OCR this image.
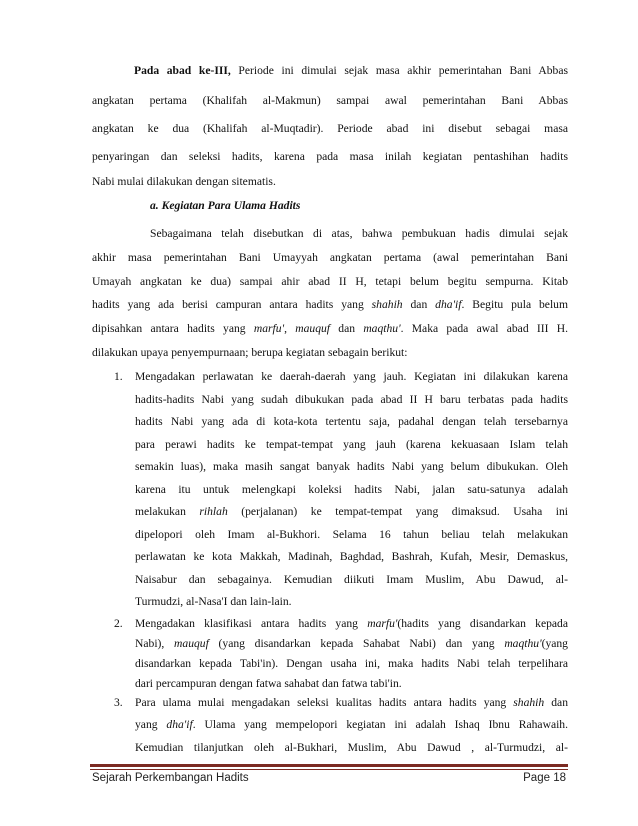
Pada abad ke-III, Periode ini dimulai sejak masa akhir pemerintahan Bani Abbas
angkatan pertama (Khalifah al-Makmun) sampai awal pemerintahan Bani Abbas
angkatan ke dua (Khalifah al-Muqtadir). Periode abad ini disebut sebagai masa
penyaringan dan seleksi hadits, karena pada masa inilah kegiatan pentashihan hadits
Nabi mulai dilakukan dengan sitematis.
a. Kegiatan Para Ulama Hadits
Sebagaimana telah disebutkan di atas, bahwa pembukuan hadis dimulai sejak
akhir masa pemerintahan Bani Umayyah angkatan pertama (awal pemerintahan Bani
Umayah angkatan ke dua) sampai ahir abad II H, tetapi belum begitu sempurna. Kitab
hadits yang ada berisi campuran antara hadits yang shahih dan dha'if. Begitu pula belum
dipisahkan antara hadits yang marfu', mauquf dan maqthu'. Maka pada awal abad III H.
dilakukan upaya penyempurnaan; berupa kegiatan sebagain berikut:
1. Mengadakan perlawatan ke daerah-daerah yang jauh. Kegiatan ini dilakukan karena
hadits-hadits Nabi yang sudah dibukukan pada abad II H baru terbatas pada hadits
hadits Nabi yang ada di kota-kota tertentu saja, padahal dengan telah tersebarnya
para perawi hadits ke tempat-tempat yang jauh (karena kekuasaan Islam telah
semakin luas), maka masih sangat banyak hadits Nabi yang belum dibukukan. Oleh
karena itu untuk melengkapi koleksi hadits Nabi, jalan satu-satunya adalah
melakukan rihlah (perjalanan) ke tempat-tempat yang dimaksud. Usaha ini
dipelopori oleh Imam al-Bukhori. Selama 16 tahun beliau telah melakukan
perlawatan ke kota Makkah, Madinah, Baghdad, Bashrah, Kufah, Mesir, Demaskus,
Naisabur dan sebagainya. Kemudian diikuti Imam Muslim, Abu Dawud, al-
Turmudzi, al-Nasa'I dan lain-lain.
2. Mengadakan klasifikasi antara hadits yang marfu'(hadits yang disandarkan kepada
Nabi), mauquf (yang disandarkan kepada Sahabat Nabi) dan yang maqthu'(yang
disandarkan kepada Tabi'in). Dengan usaha ini, maka hadits Nabi telah terpelihara
dari percampuran dengan fatwa sahabat dan fatwa tabi'in.
3. Para ulama mulai mengadakan seleksi kualitas hadits antara hadits yang shahih dan
yang dha'if. Ulama yang mempelopori kegiatan ini adalah Ishaq Ibnu Rahawaih.
Sejarah Perkembangan Hadits	Page 18
Kemudian tilanjutkan oleh al-Bukhari, Muslim, Abu Dawud , al-Turmudzi, al-
